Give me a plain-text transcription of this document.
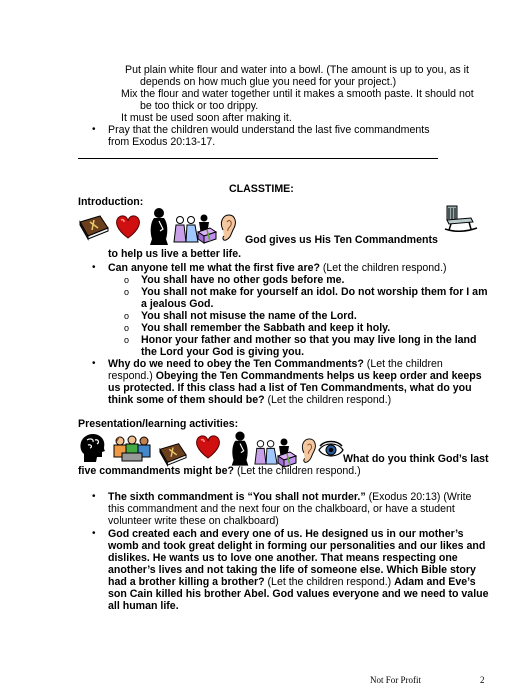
Put plain white flour and water into a bowl. (The amount is up to you, as it
depends on how much glue you need for your project.)
Mix the flour and water together until it makes a smooth paste. It should not
be too thick or too drippy.
It must be used soon after making it.
• Pray that the children would understand the last five commandments
from Exodus 20:13-17.
CLASSTIME:
Introduction:
God gives us His Ten Commandments
to help us live a better life.
• Can anyone tell me what the first five are? (Let the children respond.)
o You shall have no other gods before me.
o You shall not make for yourself an idol. Do not worship them for I am
a jealous God.
o You shall not misuse the name of the Lord.
o You shall remember the Sabbath and keep it holy.
o Honor your father and mother so that you may live long in the land
the Lord your God is giving you.
• Why do we need to obey the Ten Commandments? (Let the children
respond.) Obeying the Ten Commandments helps us keep order and keeps
us protected. If this class had a list of Ten Commandments, what do you
think some of them should be? (Let the children respond.)
Presentation/learning activities:
What do you think God’s last
five commandments might be? (Let the children respond.)
• The sixth commandment is “You shall not murder.” (Exodus 20:13) (Write
this commandment and the next four on the chalkboard, or have a student
volunteer write these on chalkboard)
• God created each and every one of us. He designed us in our mother’s
womb and took great delight in forming our personalities and our likes and
dislikes. He wants us to love one another. That means respecting one
another’s lives and not taking the life of someone else. Which Bible story
had a brother killing a brother? (Let the children respond.) Adam and Eve’s
son Cain killed his brother Abel. God values everyone and we need to value
all human life.
Not For Profit	2
